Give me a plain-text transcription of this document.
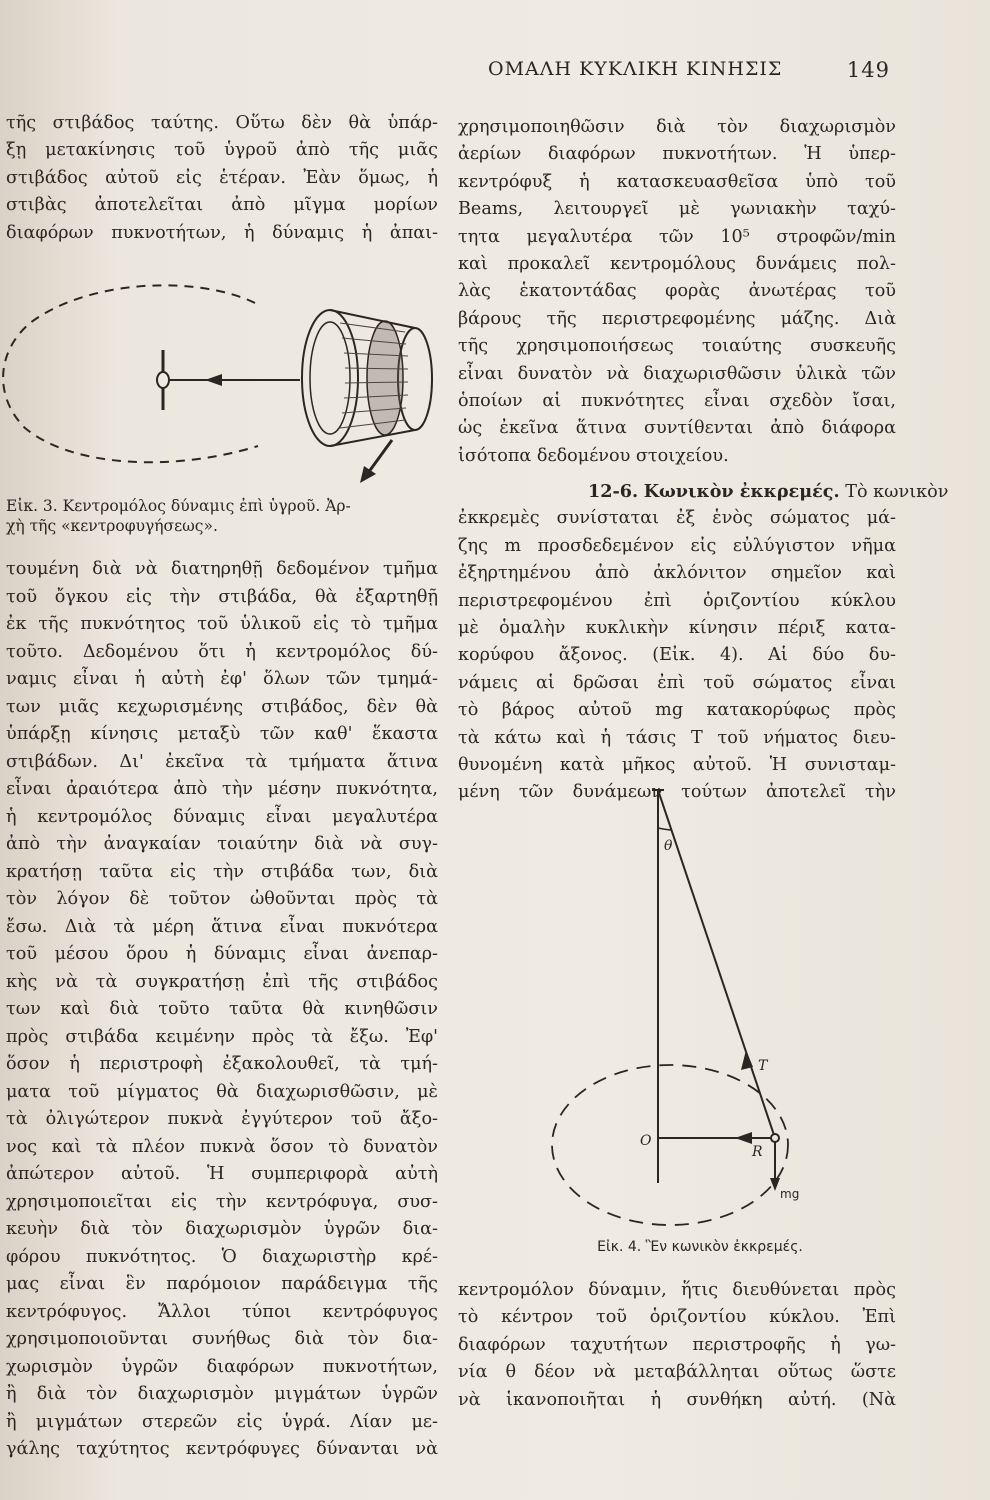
ΟΜΑΛΗ ΚΥΚΛΙΚΗ ΚΙΝΗΣΙΣ	149
τῆς στιβάδος ταύτης. Οὕτω δὲν θὰ ὑπάρ-
ξῃ μετακίνησις τοῦ ὑγροῦ ἀπὸ τῆς μιᾶς
στιβάδος αὐτοῦ εἰς ἑτέραν. Ἐὰν ὅμως, ἡ
στιβὰς ἀποτελεῖται ἀπὸ μῖγμα μορίων
διαφόρων πυκνοτήτων, ἡ δύναμις ἡ ἀπαι-
Εἰκ. 3. Κεντρομόλος δύναμις ἐπὶ ὑγροῦ. Ἀρ-
χὴ τῆς «κεντροφυγήσεως».
τουμένη διὰ νὰ διατηρηθῇ δεδομένον τμῆμα
τοῦ ὄγκου εἰς τὴν στιβάδα, θὰ ἐξαρτηθῇ
ἐκ τῆς πυκνότητος τοῦ ὑλικοῦ εἰς τὸ τμῆμα
τοῦτο. Δεδομένου ὅτι ἡ κεντρομόλος δύ-
ναμις εἶναι ἡ αὐτὴ ἐφ' ὅλων τῶν τμημά-
των μιᾶς κεχωρισμένης στιβάδος, δὲν θὰ
ὑπάρξῃ κίνησις μεταξὺ τῶν καθ' ἕκαστα
στιβάδων. Δι' ἐκεῖνα τὰ τμήματα ἅτινα
εἶναι ἀραιότερα ἀπὸ τὴν μέσην πυκνότητα,
ἡ κεντρομόλος δύναμις εἶναι μεγαλυτέρα
ἀπὸ τὴν ἀναγκαίαν τοιαύτην διὰ νὰ συγ-
κρατήσῃ ταῦτα εἰς τὴν στιβάδα των, διὰ
τὸν λόγον δὲ τοῦτον ὠθοῦνται πρὸς τὰ
ἔσω. Διὰ τὰ μέρη ἅτινα εἶναι πυκνότερα
τοῦ μέσου ὅρου ἡ δύναμις εἶναι ἀνεπαρ-
κὴς νὰ τὰ συγκρατήσῃ ἐπὶ τῆς στιβάδος
των καὶ διὰ τοῦτο ταῦτα θὰ κινηθῶσιν
πρὸς στιβάδα κειμένην πρὸς τὰ ἔξω. Ἐφ'
ὅσον ἡ περιστροφὴ ἐξακολουθεῖ, τὰ τμή-
ματα τοῦ μίγματος θὰ διαχωρισθῶσιν, μὲ
τὰ ὀλιγώτερον πυκνὰ ἐγγύτερον τοῦ ἄξο-
νος καὶ τὰ πλέον πυκνὰ ὅσον τὸ δυνατὸν
ἀπώτερον αὐτοῦ. Ἡ συμπεριφορὰ αὐτὴ
χρησιμοποιεῖται εἰς τὴν κεντρόφυγα, συσ-
κευὴν διὰ τὸν διαχωρισμὸν ὑγρῶν δια-
φόρου πυκνότητος. Ὁ διαχωριστὴρ κρέ-
μας εἶναι ἓν παρόμοιον παράδειγμα τῆς
κεντρόφυγος. Ἄλλοι τύποι κεντρόφυγος
χρησιμοποιοῦνται συνήθως διὰ τὸν δια-
χωρισμὸν ὑγρῶν διαφόρων πυκνοτήτων,
ἢ διὰ τὸν διαχωρισμὸν μιγμάτων ὑγρῶν
ἢ μιγμάτων στερεῶν εἰς ὑγρά. Λίαν με-
γάλης ταχύτητος κεντρόφυγες δύνανται νὰ
χρησιμοποιηθῶσιν διὰ τὸν διαχωρισμὸν
ἀερίων διαφόρων πυκνοτήτων. Ἡ ὑπερ-
κεντρόφυξ ἡ κατασκευασθεῖσα ὑπὸ τοῦ
Beams, λειτουργεῖ μὲ γωνιακὴν ταχύ-
τητα μεγαλυτέρα τῶν 10⁵ στροφῶν/min
καὶ προκαλεῖ κεντρομόλους δυνάμεις πολ-
λὰς ἑκατοντάδας φορὰς ἀνωτέρας τοῦ
βάρους τῆς περιστρεφομένης μάζης. Διὰ
τῆς χρησιμοποιήσεως τοιαύτης συσκευῆς
εἶναι δυνατὸν νὰ διαχωρισθῶσιν ὑλικὰ τῶν
ὁποίων αἱ πυκνότητες εἶναι σχεδὸν ἴσαι,
ὡς ἐκεῖνα ἅτινα συντίθενται ἀπὸ διάφορα
ἰσότοπα δεδομένου στοιχείου.
12-6. Κωνικὸν ἐκκρεμές. Τὸ κωνικὸν
ἐκκρεμὲς συνίσταται ἐξ ἑνὸς σώματος μά-
ζης m προσδεδεμένον εἰς εὐλύγιστον νῆμα
ἐξηρτημένου ἀπὸ ἀκλόνιτον σημεῖον καὶ
περιστρεφομένου ἐπὶ ὁριζοντίου κύκλου
μὲ ὁμαλὴν κυκλικὴν κίνησιν πέριξ κατα-
κορύφου ἄξονος. (Εἰκ. 4). Αἱ δύο δυ-
νάμεις αἱ δρῶσαι ἐπὶ τοῦ σώματος εἶναι
τὸ βάρος αὐτοῦ mg κατακορύφως πρὸς
τὰ κάτω καὶ ἡ τάσις T τοῦ νήματος διευ-
θυνομένη κατὰ μῆκος αὐτοῦ. Ἡ συνισταμ-
μένη τῶν δυνάμεων τούτων ἀποτελεῖ τὴν
θ
T
O
R
mg
Εἰκ. 4. Ἓν κωνικὸν ἐκκρεμές.
κεντρομόλον δύναμιν, ἥτις διευθύνεται πρὸς
τὸ κέντρον τοῦ ὁριζοντίου κύκλου. Ἐπὶ
διαφόρων ταχυτήτων περιστροφῆς ἡ γω-
νία θ δέον νὰ μεταβάλληται οὕτως ὥστε
νὰ ἱκανοποιῆται ἡ συνθήκη αὐτή. (Νὰ
